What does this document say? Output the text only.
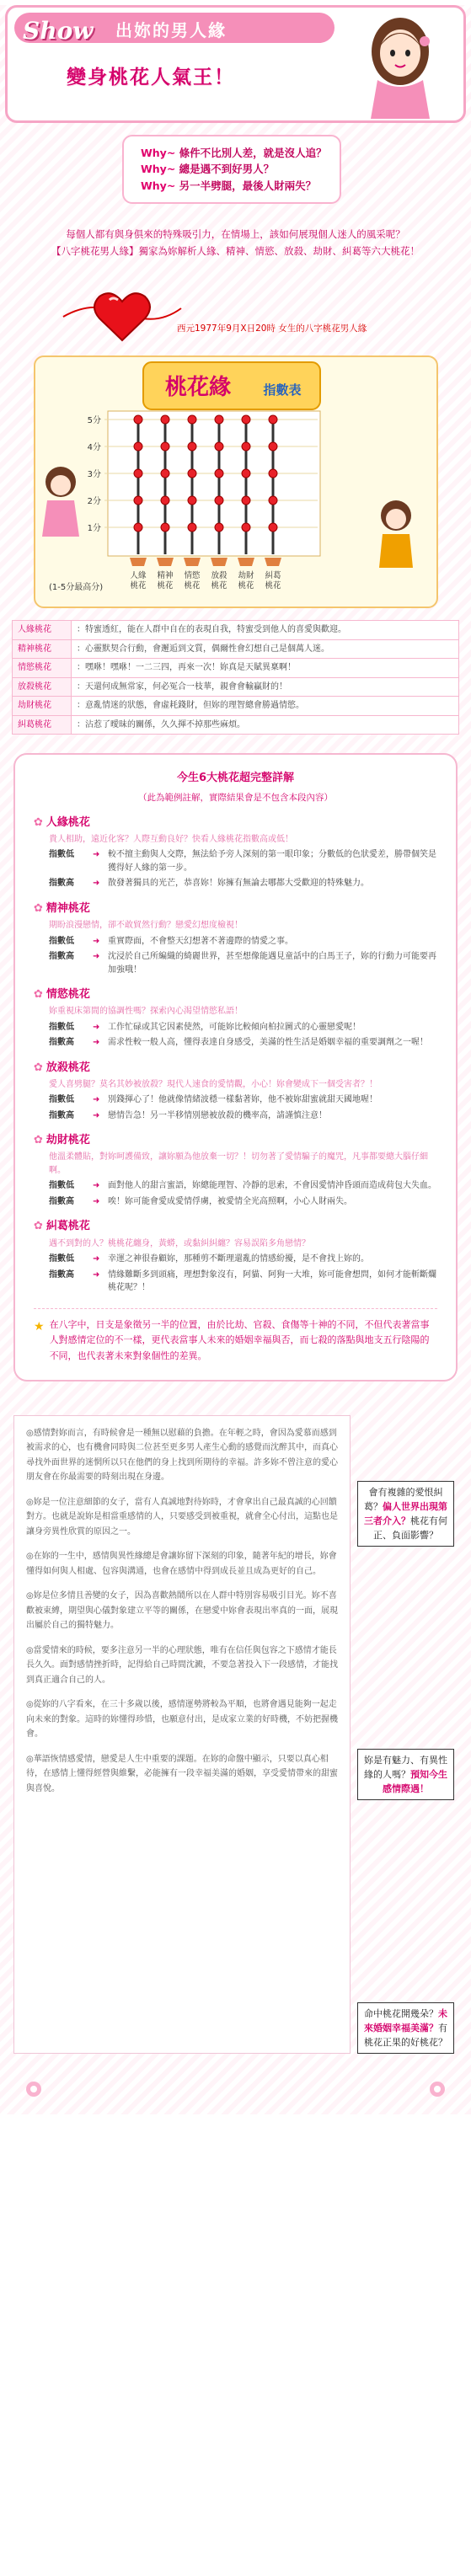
Show 出妳的男人緣
變身桃花人氣王！
Why~ 條件不比別人差，就是沒人追？
Why~ 總是遇不到好男人？
Why~ 另一半劈腿，最後人財兩失？
每個人都有與身俱來的特殊吸引力，在情場上，該如何展現個人迷人的風采呢？
【八字桃花男人緣】獨家為妳解析人緣、精神、情慾、放殺、劫財、糾葛等六大桃花！
西元1977年9月X日20時 女生的八字桃花男人緣
桃花緣	指數表
1分
2分
3分
4分
5分
人緣
桃花
精神
桃花
情慾
桃花
放殺
桃花
劫財
桃花
糾葛
桃花
(1-5分最高分)
人緣桃花	：特蜜透紅，能在人群中自在的表現自我，特蜜受到他人的喜愛與歡迎。
精神桃花	：心靈默契合行動，會邂逅到文質，偶爾性會幻想自己是個萬人迷。
情慾桃花	：嘿咻！嘿咻！一二三四，再來一次！妳真是天賦異稟啊！
放殺桃花	：天還何成無常家，何必冤合一枝華，親會會輸贏財的！
劫財桃花	：意亂情迷的狀態，會虛耗錢財，但妳的理智總會勝過情慾。
糾葛桃花	：沾惹了曖昧的關係，久久揮不掉那些麻煩。
今生6大桃花超完整詳解
（此為範例註解，實際結果會是不包含本段內容）
✿ 人緣桃花
貴人相助，遠近化客？人際互動良好？快看人緣桃花指數高或低！
指數低	➜ 較不擅主動與人交際，無法給予旁人深刻的第一眼印象；分數低的色狀愛差，勝帶個笑是獲得好人緣的第一步。
指數高	➜ 散發著獨具的光芒，恭喜妳！妳擁有無論去哪都大受歡迎的特殊魅力。
✿ 精神桃花
期盼浪漫戀情，卻不敢貿然行動？戀愛幻想度檢視！
指數低	➜ 重實際面，不會整天幻想著不著邊際的情愛之事。
指數高	➜ 沈浸於自己所編織的綺麗世界，甚至想像能遇見童話中的白馬王子，妳的行動力可能要再加強哦！
✿ 情慾桃花
妳重視床第間的協調性嗎？探索內心渴望情慾私語！
指數低	➜ 工作忙碌或其它因素使然，可能妳比較傾向柏拉圖式的心靈戀愛呢！
指數高	➜ 需求性較一般人高，懂得表達自身感受，美滿的性生活是婚姻幸福的重要調劑之一喔！
✿ 放殺桃花
愛人喜劈腿？莫名其妙被放殺？現代人速食的愛情觀，小心！妳會變成下一個受害者？！
指數低	➜ 別錢揮心了！他就像情緒波穩一樣黏著妳，他不被妳甜蜜就甜天國地喔！
指數高	➜ 戀情告急！另一半移情別戀被放殺的機率高，請謹慎注意！
✿ 劫財桃花
他溫柔體貼，對妳呵護備致，讓妳願為他放棄一切？！切勿著了愛情騙子的魔咒，凡事都要總大腦仔細啊。
指數低	➜ 面對他人的甜言蜜語，妳總能理智、冷靜的思索，不會因愛情沖昏頭而造成荷包大失血。
指數高	➜ 唉！妳可能會愛成愛情俘虜，被愛情全光高照啊，小心人財兩失。
✿ 糾葛桃花
遇不到對的人？桃桃花纏身，黃蟒，或黏糾糾纏？容易誤陷多角戀情？
指數低	➜ 幸運之神很眷顧妳，那種剪不斷理還亂的情感紛擾，是不會找上妳的。
指數高	➜ 情緣難斷多到頭痛，理想對象沒有，阿貓、阿狗一大堆，妳可能會想問，如何才能斬斷爛桃花呢？！
★ 在八字中，日支是象徵另一半的位置，由於比劫、官殺、食傷等十神的不同，不但代表著當事人對感情定位的不一樣，更代表當事人未來的婚姻幸福與否，而七殺的落點與地支五行陰陽的不同，也代表著未來對象個性的差異。

◎感情對妳而言，有時候會是一種無以慰藉的負擔。在年輕之時，會因為愛慕而感到被需求的心，也有機會同時與二位甚至更多男人產生心動的感覺而沈醉其中，而真心尋找外面世界的迷惘所以只在他們的身上找到所期待的幸福。許多妳不曾注意的愛心朋友會在你最需要的時刻出現在身邊。

◎妳是一位注意細節的女子，當有人真誠地對待妳時，才會拿出自己最真誠的心回饋對方。也就是說妳是相當重感情的人，只要感受到被重視，就會全心付出，這點也是讓身旁異性欣賞的原因之一。

◎在妳的一生中，感情與異性緣總是會讓妳留下深刻的印象，隨著年紀的增長，妳會懂得如何與人相處、包容與溝通，也會在感情中得到成長並且成為更好的自己。

◎妳是位多情且善變的女子，因為喜歡熱鬧所以在人群中特別容易吸引目光。妳不喜歡被束縛，期望與心儀對象建立平等的關係，在戀愛中妳會表現出率真的一面，展現出屬於自己的獨特魅力。

◎當愛情來的時候，要多注意另一半的心理狀態，唯有在信任與包容之下感情才能長長久久。面對感情挫折時，記得給自己時間沈澱，不要急著投入下一段感情，才能找到真正適合自己的人。

◎從妳的八字看來，在三十多歲以後，感情運勢將較為平順，也將會遇見能夠一起走向未來的對象。這時的妳懂得珍惜，也願意付出，是成家立業的好時機，不妨把握機會。

◎華語恢情感愛情，戀愛是人生中重要的課題。在妳的命盤中顯示，只要以真心相待，在感情上懂得經營與維繫，必能擁有一段幸福美滿的婚姻，享受愛情帶來的甜蜜與喜悅。

會有複雜的愛恨糾葛？偏人世界出現第三者介入？桃花有何正、負面影響？
妳是有魅力、有異性緣的人嗎？預知今生感情際遇！
命中桃花開幾朵？未來婚姻幸福美滿？有桃花正果的好桃花？
